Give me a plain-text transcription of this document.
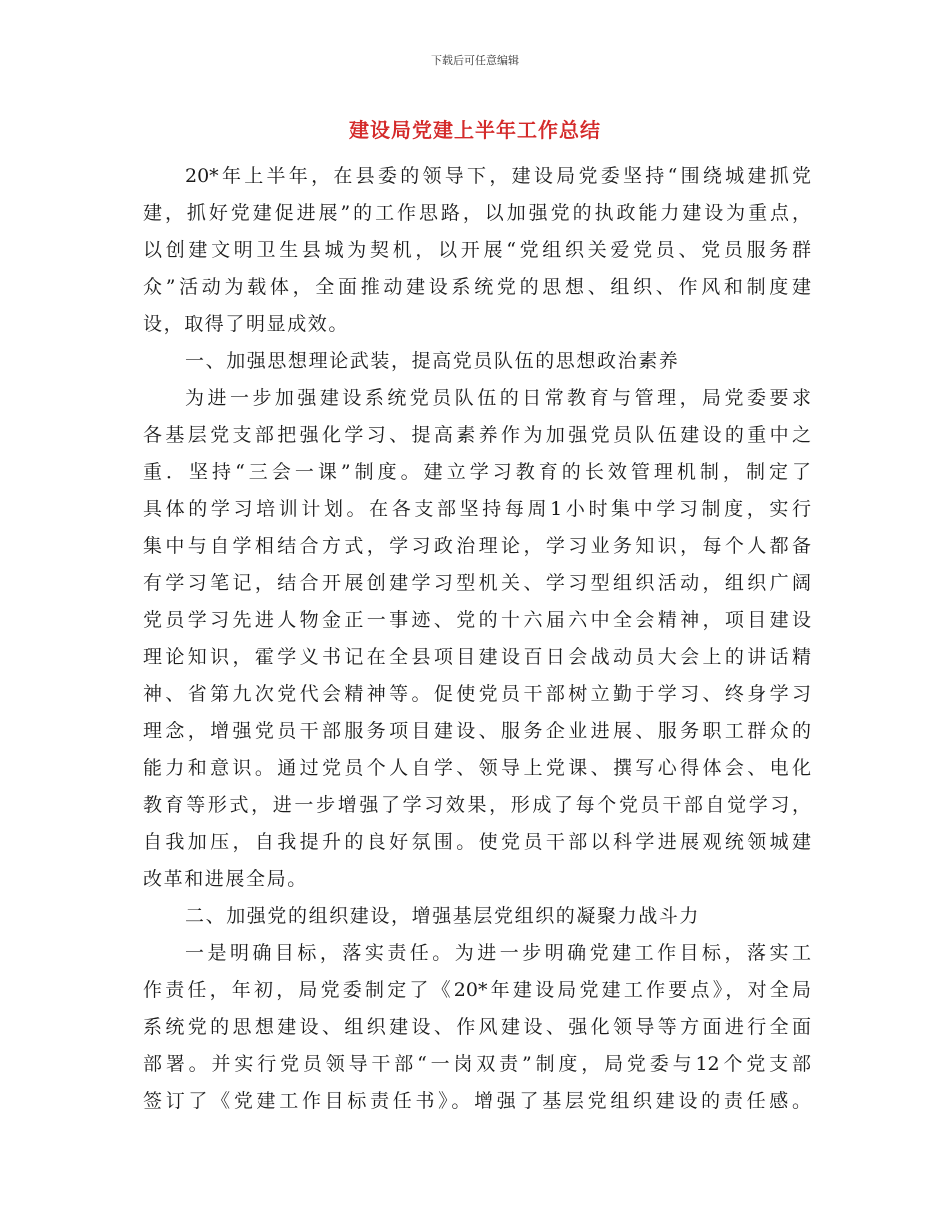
下载后可任意编辑
建设局党建上半年工作总结
20*年上半年，在县委的领导下，建设局党委坚持“围绕城建抓党
建，抓好党建促进展”的工作思路，以加强党的执政能力建设为重点，
以创建文明卫生县城为契机，以开展“党组织关爱党员、党员服务群
众”活动为载体，全面推动建设系统党的思想、组织、作风和制度建
设，取得了明显成效。
一、加强思想理论武装，提高党员队伍的思想政治素养
为进一步加强建设系统党员队伍的日常教育与管理，局党委要求
各基层党支部把强化学习、提高素养作为加强党员队伍建设的重中之
重．坚持“三会一课”制度。建立学习教育的长效管理机制，制定了
具体的学习培训计划。在各支部坚持每周1小时集中学习制度，实行
集中与自学相结合方式，学习政治理论，学习业务知识，每个人都备
有学习笔记，结合开展创建学习型机关、学习型组织活动，组织广阔
党员学习先进人物金正一事迹、党的十六届六中全会精神，项目建设
理论知识，霍学义书记在全县项目建设百日会战动员大会上的讲话精
神、省第九次党代会精神等。促使党员干部树立勤于学习、终身学习
理念，增强党员干部服务项目建设、服务企业进展、服务职工群众的
能力和意识。通过党员个人自学、领导上党课、撰写心得体会、电化
教育等形式，进一步增强了学习效果，形成了每个党员干部自觉学习，
自我加压，自我提升的良好氛围。使党员干部以科学进展观统领城建
改革和进展全局。
二、加强党的组织建设，增强基层党组织的凝聚力战斗力
一是明确目标，落实责任。为进一步明确党建工作目标，落实工
作责任，年初，局党委制定了《20*年建设局党建工作要点》，对全局
系统党的思想建设、组织建设、作风建设、强化领导等方面进行全面
部署。并实行党员领导干部“一岗双责”制度，局党委与12个党支部
签订了《党建工作目标责任书》。增强了基层党组织建设的责任感。
